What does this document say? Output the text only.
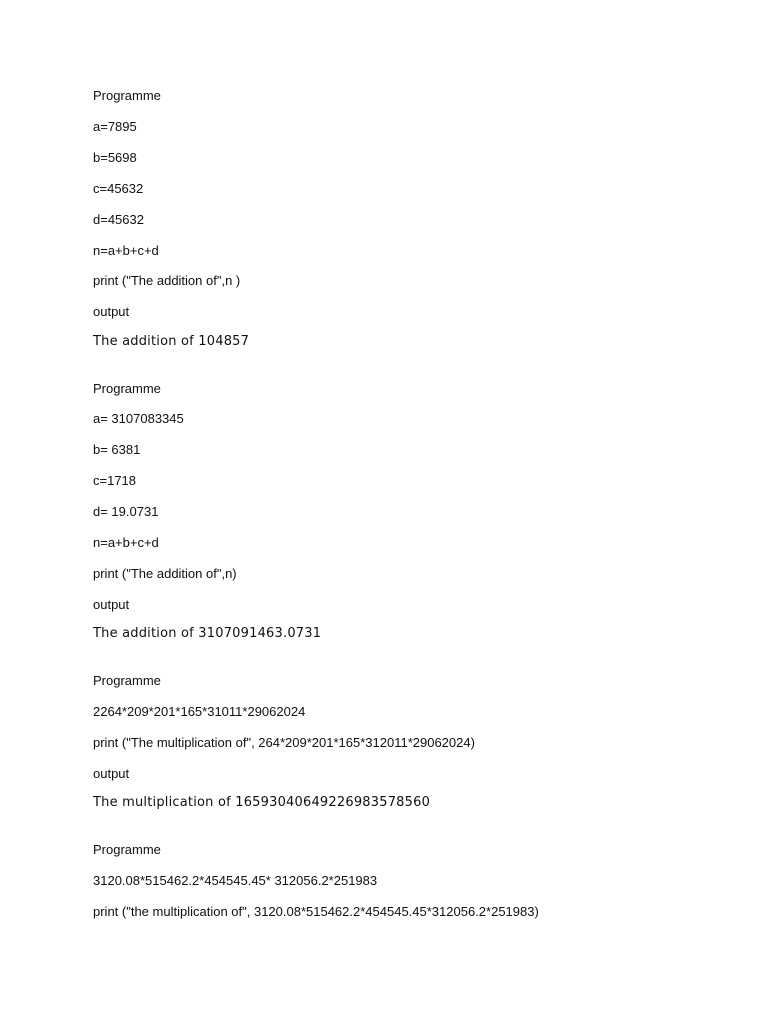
Programme
a=7895
b=5698
c=45632
d=45632
n=a+b+c+d
print ("The addition of",n )
output
The addition of 104857
Programme
a= 3107083345
b= 6381
c=1718
d= 19.0731
n=a+b+c+d
print ("The addition of",n)
output
The addition of 3107091463.0731
Programme
2264*209*201*165*31011*29062024
print ("The multiplication of", 264*209*201*165*312011*29062024)
output
The multiplication of 16593040649226983578560
Programme
3120.08*515462.2*454545.45* 312056.2*251983
print ("the multiplication of", 3120.08*515462.2*454545.45*312056.2*251983)
